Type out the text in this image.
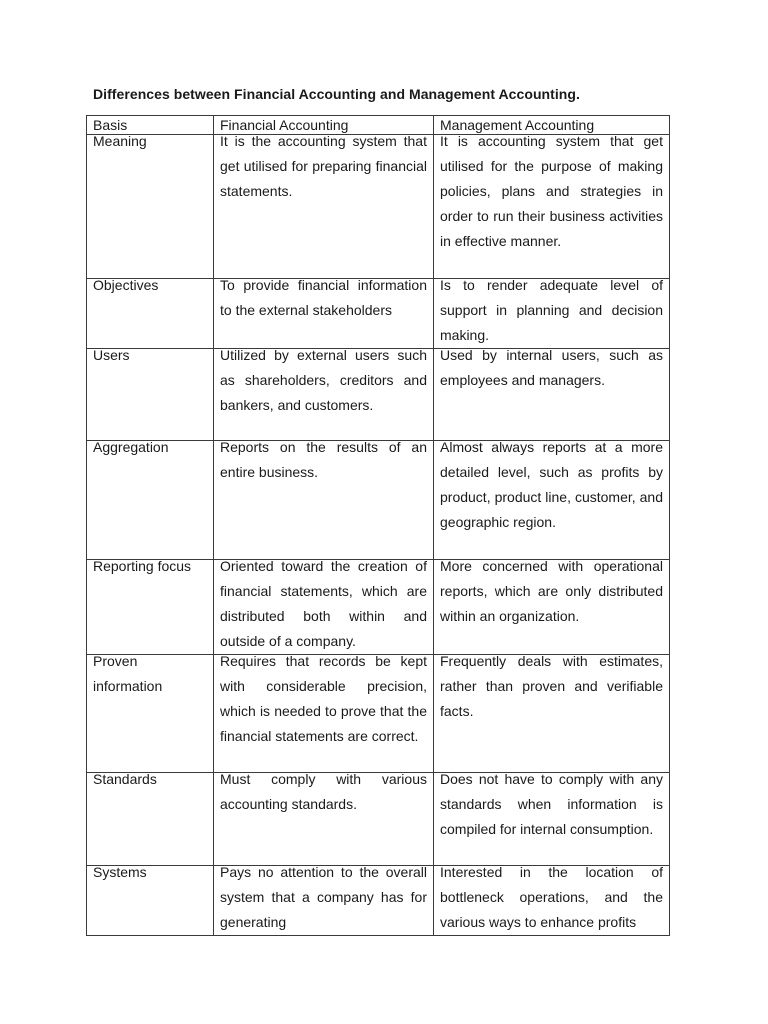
Differences between Financial Accounting and Management Accounting.
Basis	Financial Accounting	Management Accounting

Meaning	It is the accounting system that get utilised for preparing financial statements.	It is accounting system that get utilised for the purpose of making policies, plans and strategies in order to run their business activities in effective manner.

Objectives	To provide financial information to the external stakeholders	Is to render adequate level of support in planning and decision making.

Users	Utilized by external users such as shareholders, creditors and bankers, and customers.	Used by internal users, such as employees and managers.

Aggregation	Reports on the results of an entire business.	Almost always reports at a more detailed level, such as profits by product, product line, customer, and geographic region.

Reporting focus	Oriented toward the creation of financial statements, which are distributed both within and outside of a company.	More concerned with operational reports, which are only distributed within an organization.

Proven information	Requires that records be kept with considerable precision, which is needed to prove that the financial statements are correct.	Frequently deals with estimates, rather than proven and verifiable facts.

Standards	Must comply with various accounting standards.	Does not have to comply with any standards when information is compiled for internal consumption.

Systems	Pays no attention to the overall system that a company has for generating	Interested in the location of bottleneck operations, and the various ways to enhance profits
